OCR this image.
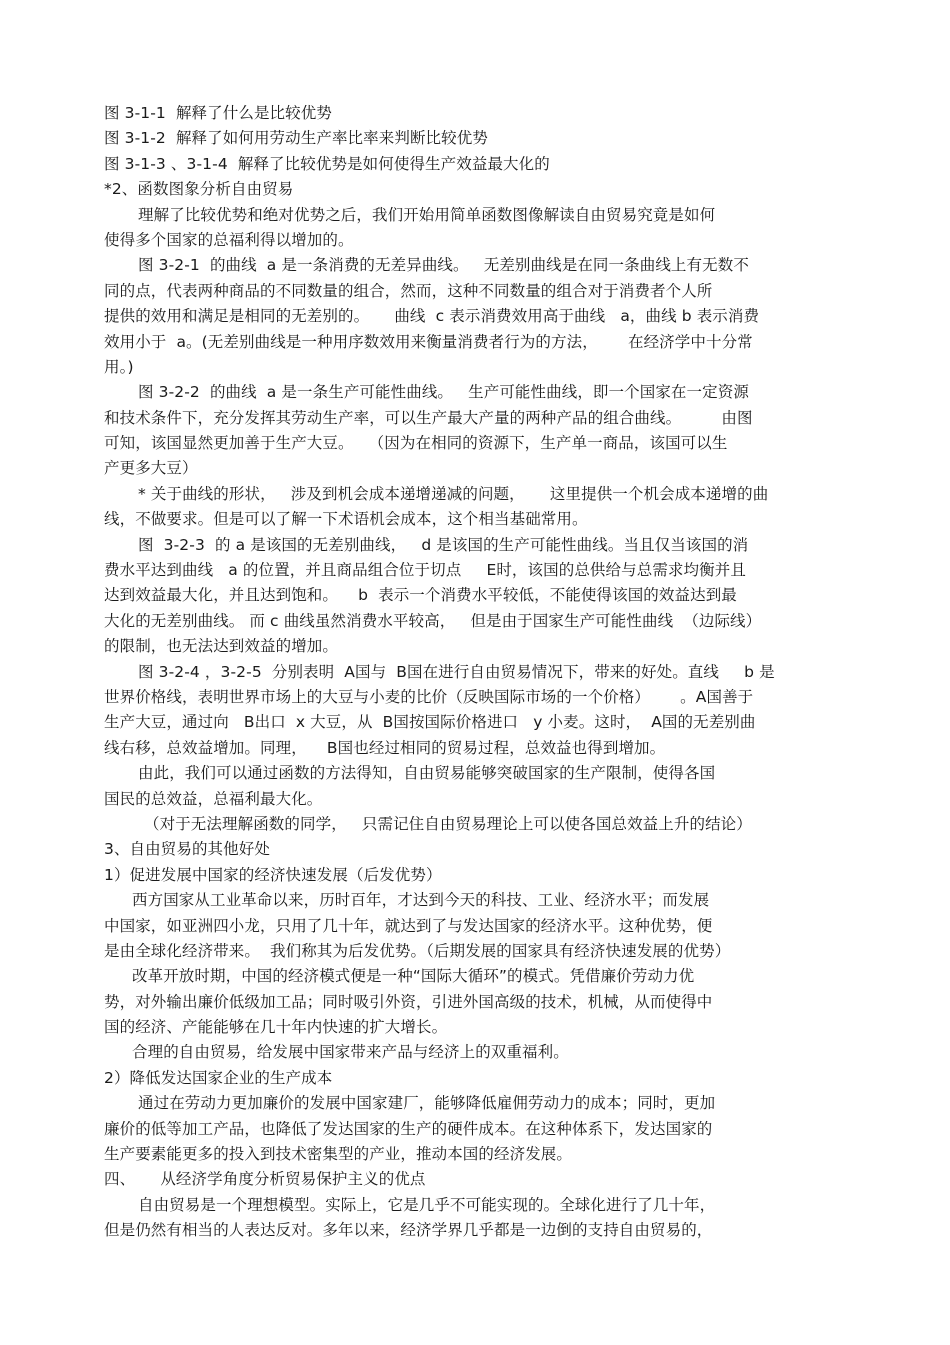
图 3-1-1  解释了什么是比较优势
图 3-1-2  解释了如何用劳动生产率比率来判断比较优势
图 3-1-3 、3-1-4  解释了比较优势是如何使得生产效益最大化的
*2、函数图象分析自由贸易
理解了比较优势和绝对优势之后，我们开始用简单函数图像解读自由贸易究竟是如何
使得多个国家的总福利得以增加的。
图 3-2-1  的曲线  a 是一条消费的无差异曲线。   无差别曲线是在同一条曲线上有无数不
同的点，代表两种商品的不同数量的组合，然而，这种不同数量的组合对于消费者个人所
提供的效用和满足是相同的无差别的。     曲线  c 表示消费效用高于曲线   a，曲线 b 表示消费
效用小于  a。(无差别曲线是一种用序数效用来衡量消费者行为的方法，      在经济学中十分常
用。)
图 3-2-2  的曲线  a 是一条生产可能性曲线。   生产可能性曲线，即一个国家在一定资源
和技术条件下，充分发挥其劳动生产率，可以生产最大产量的两种产品的组合曲线。        由图
可知，该国显然更加善于生产大豆。   （因为在相同的资源下，生产单一商品，该国可以生
产更多大豆）
* 关于曲线的形状，   涉及到机会成本递增递减的问题，     这里提供一个机会成本递增的曲
线，不做要求。但是可以了解一下术语机会成本，这个相当基础常用。
图  3-2-3  的 a 是该国的无差别曲线，   d 是该国的生产可能性曲线。当且仅当该国的消
费水平达到曲线   a 的位置，并且商品组合位于切点     E时，该国的总供给与总需求均衡并且
达到效益最大化，并且达到饱和。    b  表示一个消费水平较低，不能使得该国的效益达到最
大化的无差别曲线。 而 c 曲线虽然消费水平较高，   但是由于国家生产可能性曲线  （边际线）
的限制，也无法达到效益的增加。
图 3-2-4 ，3-2-5  分别表明  A国与  B国在进行自由贸易情况下，带来的好处。直线     b 是
世界价格线，表明世界市场上的大豆与小麦的比价（反映国际市场的一个价格）      。A国善于
生产大豆，通过向   B出口  x 大豆，从  B国按国际价格进口   y 小麦。这时，  A国的无差别曲
线右移，总效益增加。同理，    B国也经过相同的贸易过程，总效益也得到增加。
由此，我们可以通过函数的方法得知，自由贸易能够突破国家的生产限制，使得各国
国民的总效益，总福利最大化。
（对于无法理解函数的同学，   只需记住自由贸易理论上可以使各国总效益上升的结论）
3、自由贸易的其他好处
1）促进发展中国家的经济快速发展（后发优势）
西方国家从工业革命以来，历时百年，才达到今天的科技、工业、经济水平；而发展
中国家，如亚洲四小龙，只用了几十年，就达到了与发达国家的经济水平。这种优势，便
是由全球化经济带来。  我们称其为后发优势。（后期发展的国家具有经济快速发展的优势）
改革开放时期，中国的经济模式便是一种“国际大循环”的模式。凭借廉价劳动力优
势，对外输出廉价低级加工品；同时吸引外资，引进外国高级的技术，机械，从而使得中
国的经济、产能能够在几十年内快速的扩大增长。
合理的自由贸易，给发展中国家带来产品与经济上的双重福利。
2）降低发达国家企业的生产成本
通过在劳动力更加廉价的发展中国家建厂，能够降低雇佣劳动力的成本；同时，更加
廉价的低等加工产品，也降低了发达国家的生产的硬件成本。在这种体系下，发达国家的
生产要素能更多的投入到技术密集型的产业，推动本国的经济发展。
四、     从经济学角度分析贸易保护主义的优点
自由贸易是一个理想模型。实际上，它是几乎不可能实现的。全球化进行了几十年，
但是仍然有相当的人表达反对。多年以来，经济学界几乎都是一边倒的支持自由贸易的，
